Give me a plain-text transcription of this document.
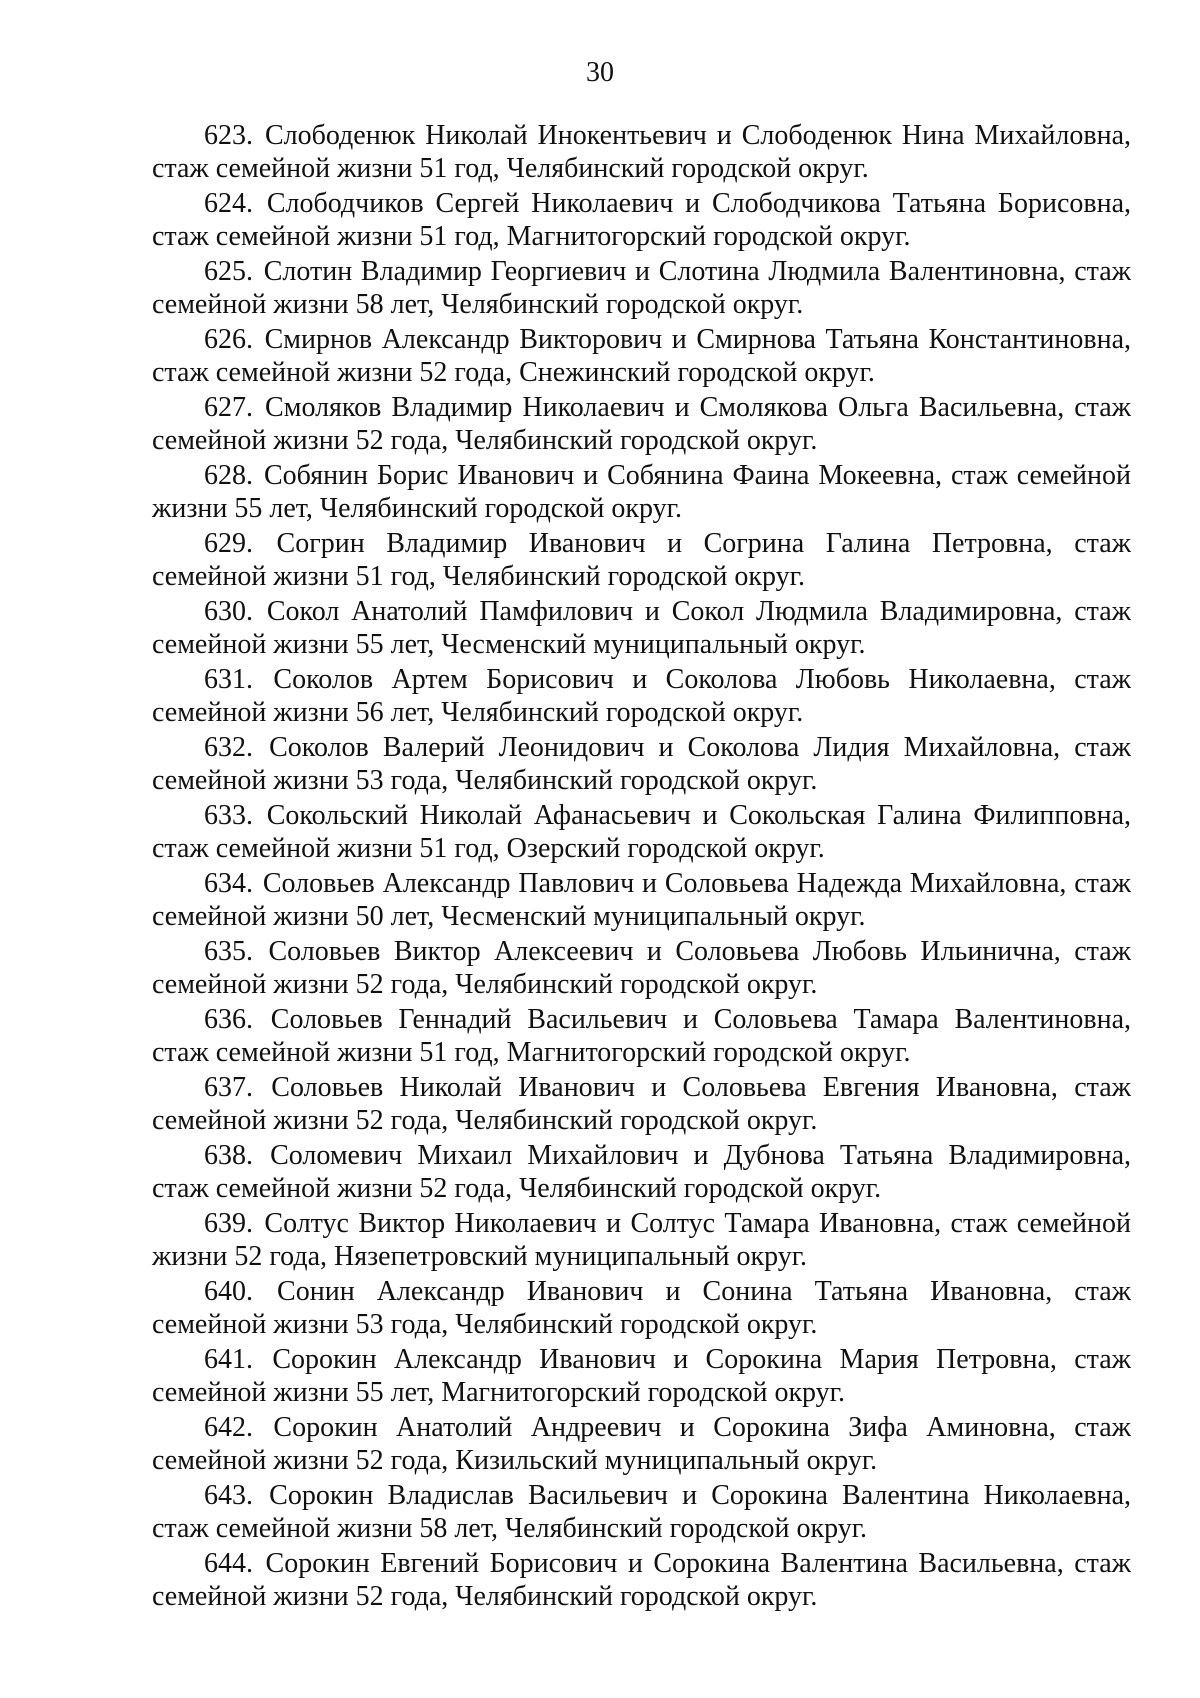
30

623. Слободенюк Николай Инокентьевич и Слободенюк Нина Михайловна, стаж семейной жизни 51 год, Челябинский городской округ.

624. Слободчиков Сергей Николаевич и Слободчикова Татьяна Борисовна, стаж семейной жизни 51 год, Магнитогорский городской округ.

625. Слотин Владимир Георгиевич и Слотина Людмила Валентиновна, стаж семейной жизни 58 лет, Челябинский городской округ.

626. Смирнов Александр Викторович и Смирнова Татьяна Константиновна, стаж семейной жизни 52 года, Снежинский городской округ.

627. Смоляков Владимир Николаевич и Смолякова Ольга Васильевна, стаж семейной жизни 52 года, Челябинский городской округ.

628. Собянин Борис Иванович и Собянина Фаина Мокеевна, стаж семейной жизни 55 лет, Челябинский городской округ.

629. Согрин Владимир Иванович и Согрина Галина Петровна, стаж семейной жизни 51 год, Челябинский городской округ.

630. Сокол Анатолий Памфилович и Сокол Людмила Владимировна, стаж семейной жизни 55 лет, Чесменский муниципальный округ.

631. Соколов Артем Борисович и Соколова Любовь Николаевна, стаж семейной жизни 56 лет, Челябинский городской округ.

632. Соколов Валерий Леонидович и Соколова Лидия Михайловна, стаж семейной жизни 53 года, Челябинский городской округ.

633. Сокольский Николай Афанасьевич и Сокольская Галина Филипповна, стаж семейной жизни 51 год, Озерский городской округ.

634. Соловьев Александр Павлович и Соловьева Надежда Михайловна, стаж семейной жизни 50 лет, Чесменский муниципальный округ.

635. Соловьев Виктор Алексеевич и Соловьева Любовь Ильинична, стаж семейной жизни 52 года, Челябинский городской округ.

636. Соловьев Геннадий Васильевич и Соловьева Тамара Валентиновна, стаж семейной жизни 51 год, Магнитогорский городской округ.

637. Соловьев Николай Иванович и Соловьева Евгения Ивановна, стаж семейной жизни 52 года, Челябинский городской округ.

638. Соломевич Михаил Михайлович и Дубнова Татьяна Владимировна, стаж семейной жизни 52 года, Челябинский городской округ.

639. Солтус Виктор Николаевич и Солтус Тамара Ивановна, стаж семейной жизни 52 года, Нязепетровский муниципальный округ.

640. Сонин Александр Иванович и Сонина Татьяна Ивановна, стаж семейной жизни 53 года, Челябинский городской округ.

641. Сорокин Александр Иванович и Сорокина Мария Петровна, стаж семейной жизни 55 лет, Магнитогорский городской округ.

642. Сорокин Анатолий Андреевич и Сорокина Зифа Аминовна, стаж семейной жизни 52 года, Кизильский муниципальный округ.

643. Сорокин Владислав Васильевич и Сорокина Валентина Николаевна, стаж семейной жизни 58 лет, Челябинский городской округ.

644. Сорокин Евгений Борисович и Сорокина Валентина Васильевна, стаж семейной жизни 52 года, Челябинский городской округ.
